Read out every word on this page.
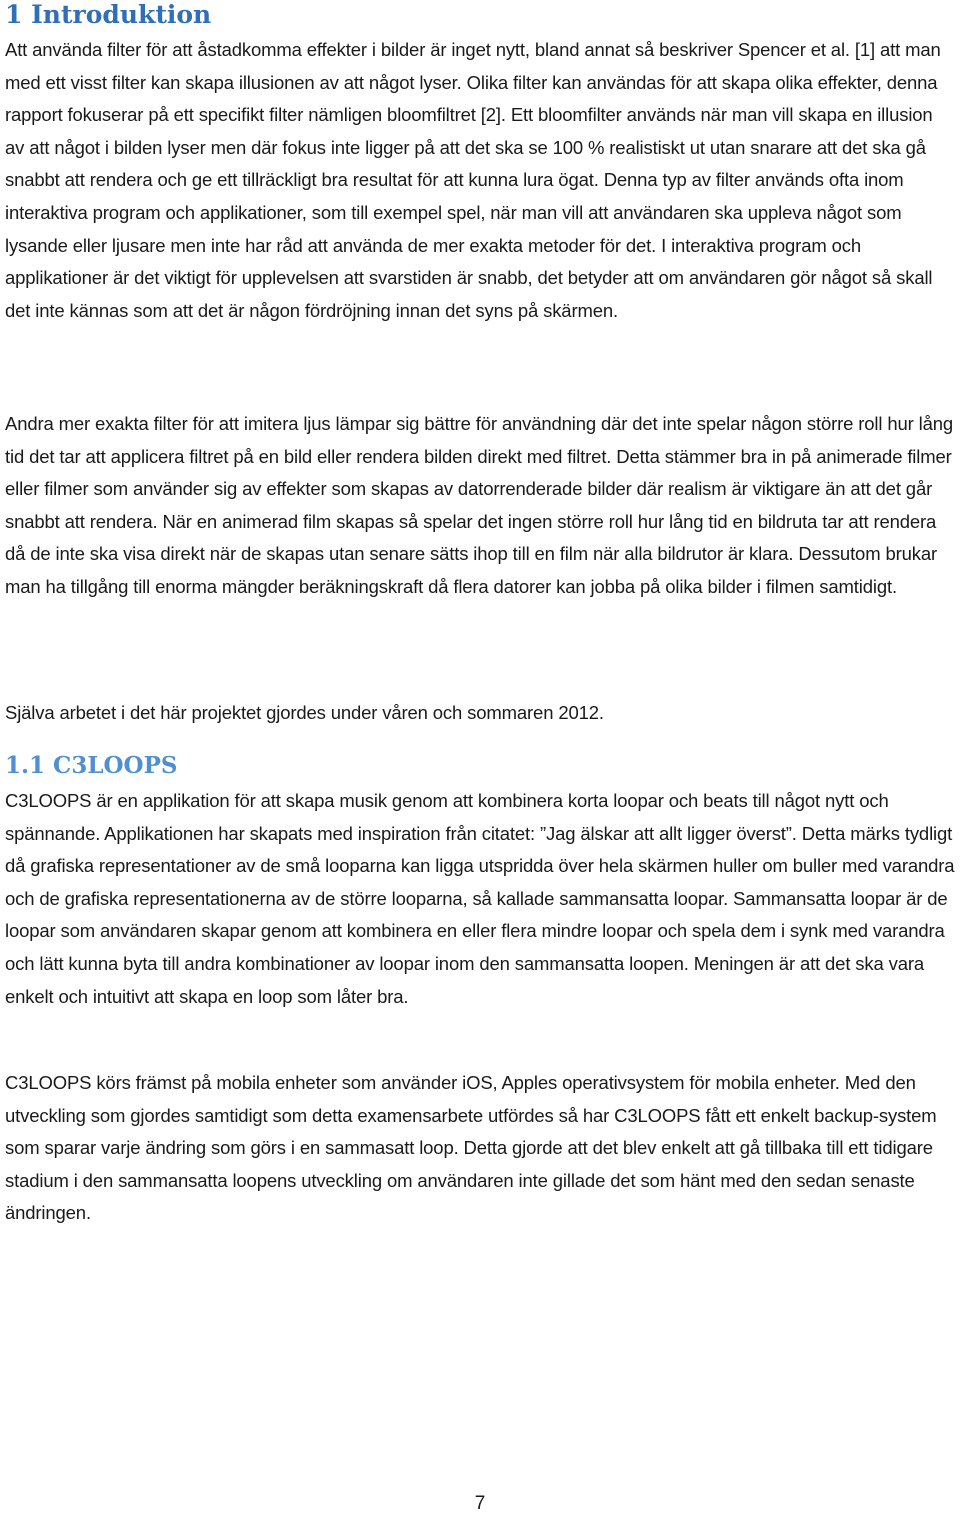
1 Introduktion

Att använda filter för att åstadkomma effekter i bilder är inget nytt, bland annat så beskriver Spencer et al. [1] att man med ett visst filter kan skapa illusionen av att något lyser. Olika filter kan användas för att skapa olika effekter, denna rapport fokuserar på ett specifikt filter nämligen bloomfiltret [2]. Ett bloomfilter används när man vill skapa en illusion av att något i bilden lyser men där fokus inte ligger på att det ska se 100 % realistiskt ut utan snarare att det ska gå snabbt att rendera och ge ett tillräckligt bra resultat för att kunna lura ögat. Denna typ av filter används ofta inom interaktiva program och applikationer, som till exempel spel, när man vill att användaren ska uppleva något som lysande eller ljusare men inte har råd att använda de mer exakta metoder för det. I interaktiva program och applikationer är det viktigt för upplevelsen att svarstiden är snabb, det betyder att om användaren gör något så skall det inte kännas som att det är någon fördröjning innan det syns på skärmen.

Andra mer exakta filter för att imitera ljus lämpar sig bättre för användning där det inte spelar någon större roll hur lång tid det tar att applicera filtret på en bild eller rendera bilden direkt med filtret. Detta stämmer bra in på animerade filmer eller filmer som använder sig av effekter som skapas av datorrenderade bilder där realism är viktigare än att det går snabbt att rendera. När en animerad film skapas så spelar det ingen större roll hur lång tid en bildruta tar att rendera då de inte ska visa direkt när de skapas utan senare sätts ihop till en film när alla bildrutor är klara. Dessutom brukar man ha tillgång till enorma mängder beräkningskraft då flera datorer kan jobba på olika bilder i filmen samtidigt.

Själva arbetet i det här projektet gjordes under våren och sommaren 2012.

1.1 C3LOOPS

C3LOOPS är en applikation för att skapa musik genom att kombinera korta loopar och beats till något nytt och spännande. Applikationen har skapats med inspiration från citatet: ”Jag älskar att allt ligger överst”. Detta märks tydligt då grafiska representationer av de små looparna kan ligga utspridda över hela skärmen huller om buller med varandra och de grafiska representationerna av de större looparna, så kallade sammansatta loopar. Sammansatta loopar är de loopar som användaren skapar genom att kombinera en eller flera mindre loopar och spela dem i synk med varandra och lätt kunna byta till andra kombinationer av loopar inom den sammansatta loopen. Meningen är att det ska vara enkelt och intuitivt att skapa en loop som låter bra.

C3LOOPS körs främst på mobila enheter som använder iOS, Apples operativsystem för mobila enheter. Med den utveckling som gjordes samtidigt som detta examensarbete utfördes så har C3LOOPS fått ett enkelt backup-system som sparar varje ändring som görs i en sammasatt loop. Detta gjorde att det blev enkelt att gå tillbaka till ett tidigare stadium i den sammansatta loopens utveckling om användaren inte gillade det som hänt med den sedan senaste ändringen.

7
